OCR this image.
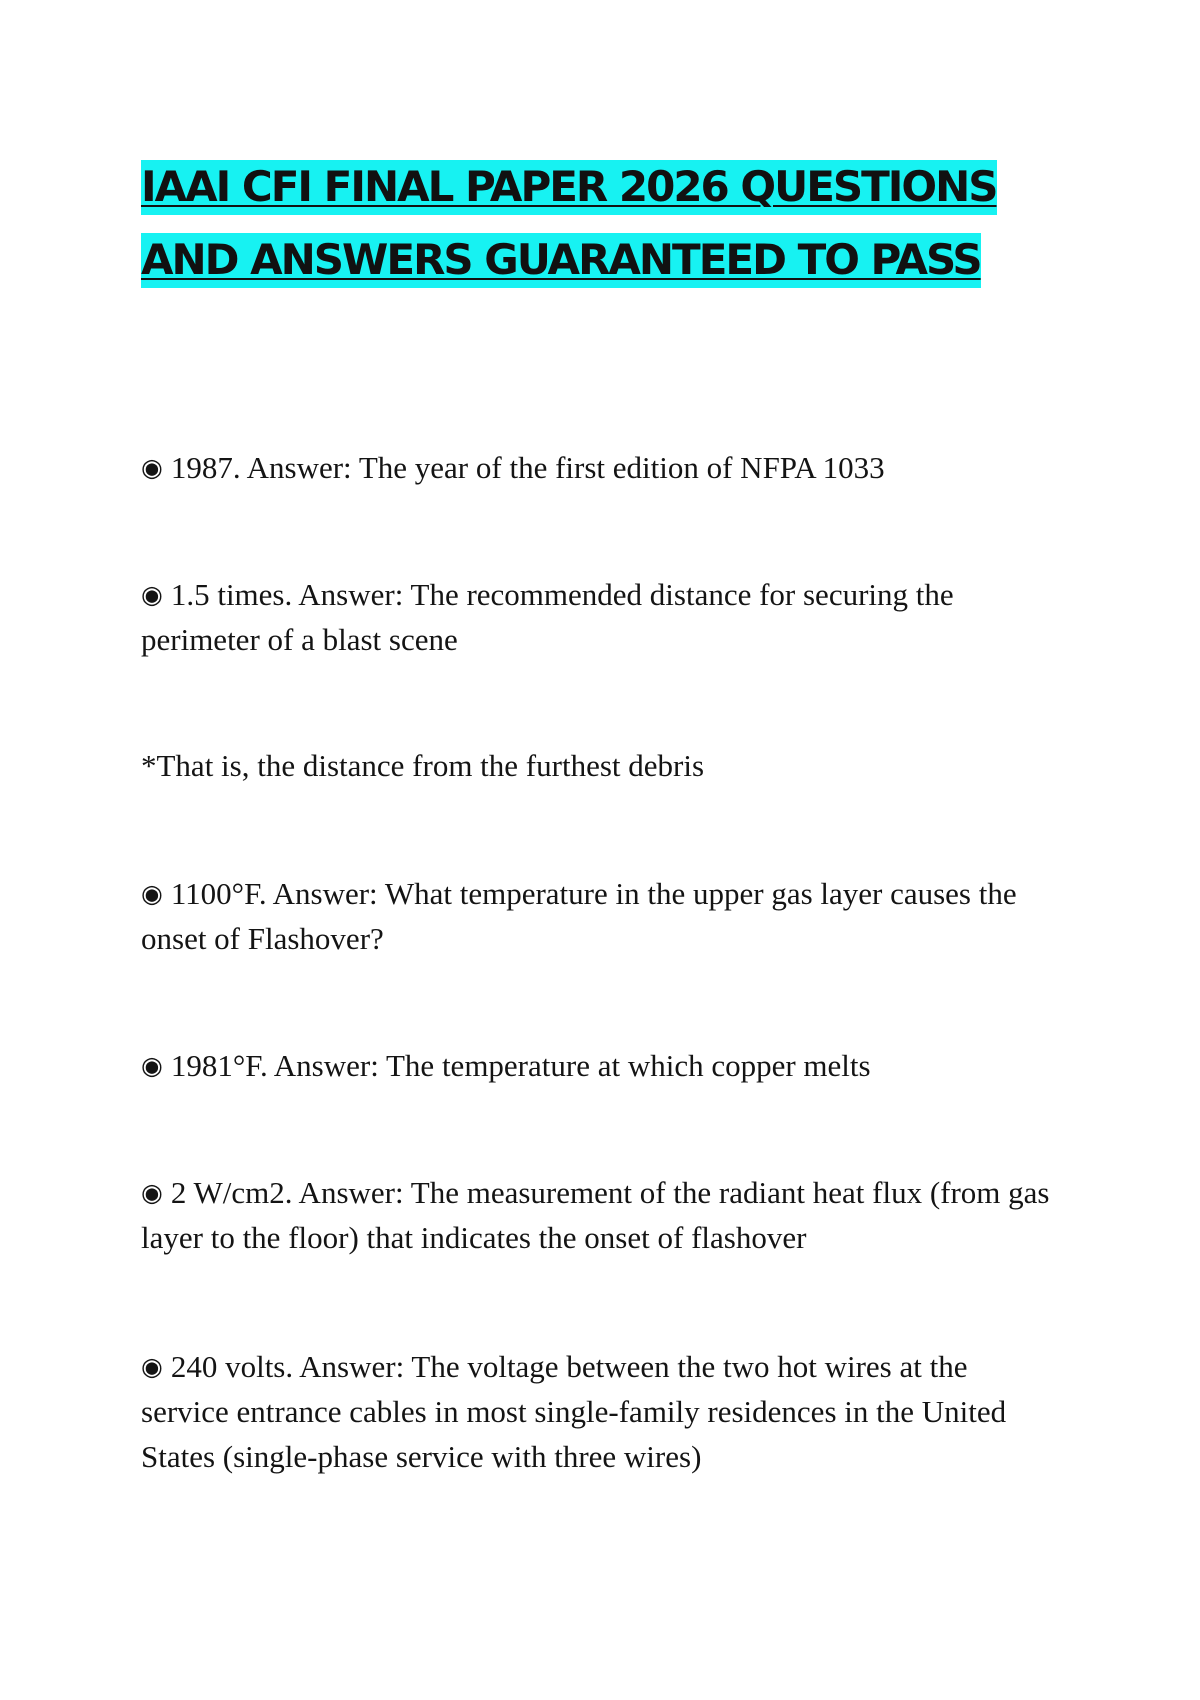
IAAI CFI FINAL PAPER 2026 QUESTIONS AND ANSWERS GUARANTEED TO PASS

◉ 1987. Answer: The year of the first edition of NFPA 1033

◉ 1.5 times. Answer: The recommended distance for securing the perimeter of a blast scene

*That is, the distance from the furthest debris

◉ 1100°F. Answer: What temperature in the upper gas layer causes the onset of Flashover?

◉ 1981°F. Answer: The temperature at which copper melts

◉ 2 W/cm2. Answer: The measurement of the radiant heat flux (from gas layer to the floor) that indicates the onset of flashover

◉ 240 volts. Answer: The voltage between the two hot wires at the service entrance cables in most single-family residences in the United States (single-phase service with three wires)
